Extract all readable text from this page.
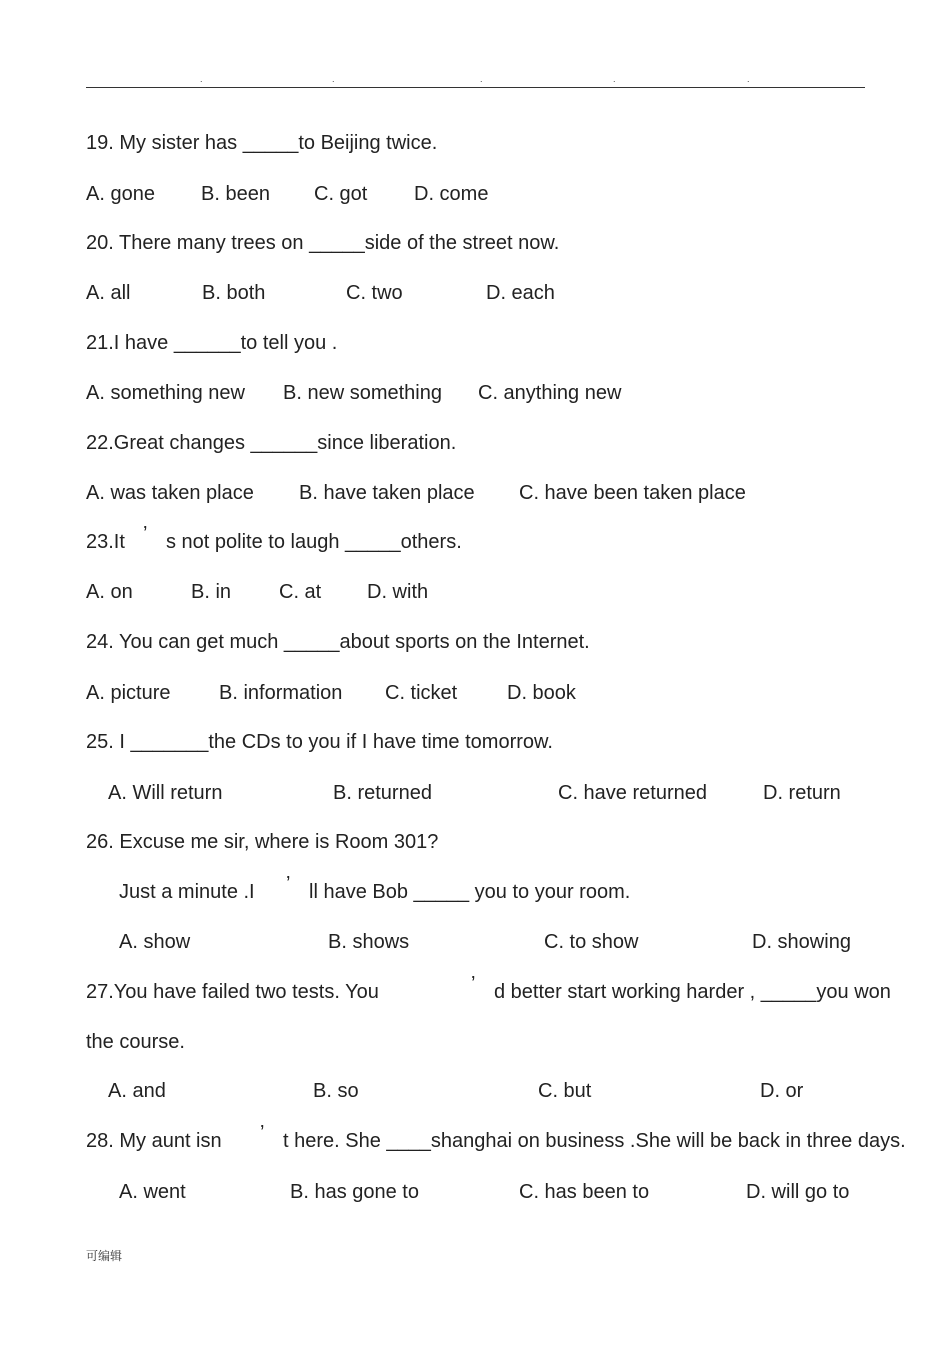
.	.	.	.	.
19. My sister has _____to Beijing twice.
A. gone B. been C. got D. come
20. There many trees on _____side of the street now.
A. all	B. both	C. two	D. each
21.I have ______to tell you .
A. something new B. new something C. anything new
22.Great changes ______since liberation.
A. was taken place B. have taken place C. have been taken place
23.It ’ s not polite to laugh _____others.
A. on	B. in C. at D. with
24. You can get much _____about sports on the Internet.
A. picture B. information C. ticket D. book
25. I _______the CDs to you if I have time tomorrow.
A. Will return	B. returned	C. have returned	D. return
26. Excuse me sir, where is Room 301?
Just a minute .I ’ ll have Bob _____ you to your room.
A. show	B. shows	C. to show	D. showing
27.You have failed two tests. You	’ d better start working harder , _____you won
the course.
A. and	B. so	C. but	D. or
28. My aunt isn ’ t here. She ____shanghai on business .She will be back in three days.
A. went	B. has gone to	C. has been to	D. will go to
可编辑
